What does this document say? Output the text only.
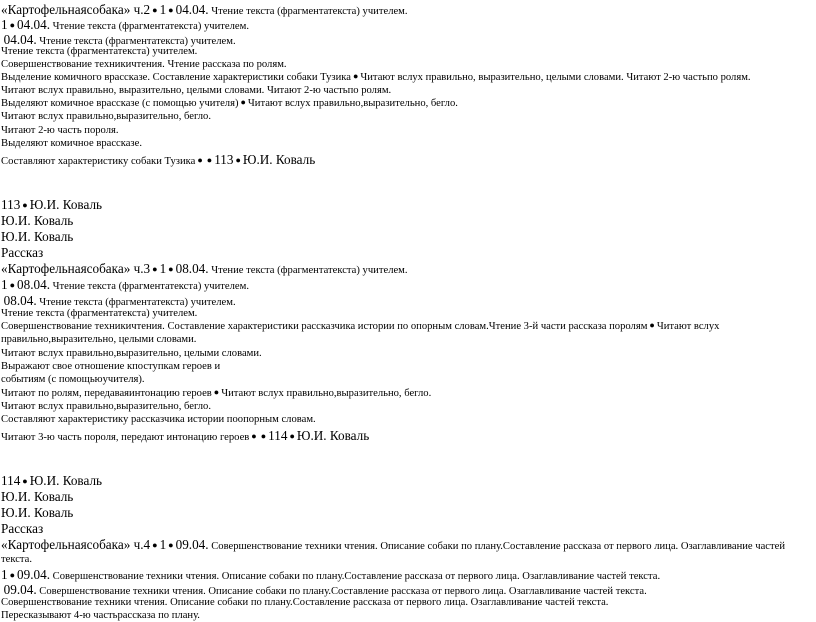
«Картофельнаясобака» ч.2 ● 1 ● 04.04. Чтение текста (фрагментатекста) учителем.
1 ● 04.04. Чтение текста (фрагментатекста) учителем.
04.04. Чтение текста (фрагментатекста) учителем.
Чтение текста (фрагментатекста) учителем.
Совершенствование техникичтения. Чтение рассказа по ролям.
Выделение комичного врассказе. Составление характеристики собаки Тузика ● Читают вслух правильно, выразительно, целыми словами. Читают 2-ю частьпо ролям.
Читают вслух правильно, выразительно, целыми словами. Читают 2-ю частьпо ролям.
Выделяют комичное врассказе (с помощью учителя) ● Читают вслух правильно,выразительно, бегло.
Читают вслух правильно,выразительно, бегло.
Читают 2-ю часть пороля.
Выделяют комичное врассказе.
Составляют характеристику собаки Тузика ● ● 113 ● Ю.И. Коваль
113 ● Ю.И. Коваль
Ю.И. Коваль
Ю.И. Коваль
Рассказ
«Картофельнаясобака» ч.3 ● 1 ● 08.04. Чтение текста (фрагментатекста) учителем.
1 ● 08.04. Чтение текста (фрагментатекста) учителем.
08.04. Чтение текста (фрагментатекста) учителем.
Чтение текста (фрагментатекста) учителем.
Совершенствование техникичтения. Составление характеристики рассказчика истории по опорным словам.Чтение 3-й части рассказа поролям ● Читают вслух правильно,выразительно, целыми словами.
Читают вслух правильно,выразительно, целыми словами.
Выражают свое отношение кпоступкам героев и
событиям (с помощьюучителя).
Читают по ролям, передаваяинтонацию героев ● Читают вслух правильно,выразительно, бегло.
Читают вслух правильно,выразительно, бегло.
Составляют характеристику рассказчика истории поопорным словам.
Читают 3-ю часть пороля, передают интонацию героев ● ● 114 ● Ю.И. Коваль
114 ● Ю.И. Коваль
Ю.И. Коваль
Ю.И. Коваль
Рассказ
«Картофельнаясобака» ч.4 ● 1 ● 09.04. Совершенствование техники чтения. Описание собаки по плану.Составление рассказа от первого лица. Озаглавливание частей текста.
1 ● 09.04. Совершенствование техники чтения. Описание собаки по плану.Составление рассказа от первого лица. Озаглавливание частей текста.
09.04. Совершенствование техники чтения. Описание собаки по плану.Составление рассказа от первого лица. Озаглавливание частей текста.
Совершенствование техники чтения. Описание собаки по плану.Составление рассказа от первого лица. Озаглавливание частей текста.
Пересказывают 4-ю частьрассказа по плану.
